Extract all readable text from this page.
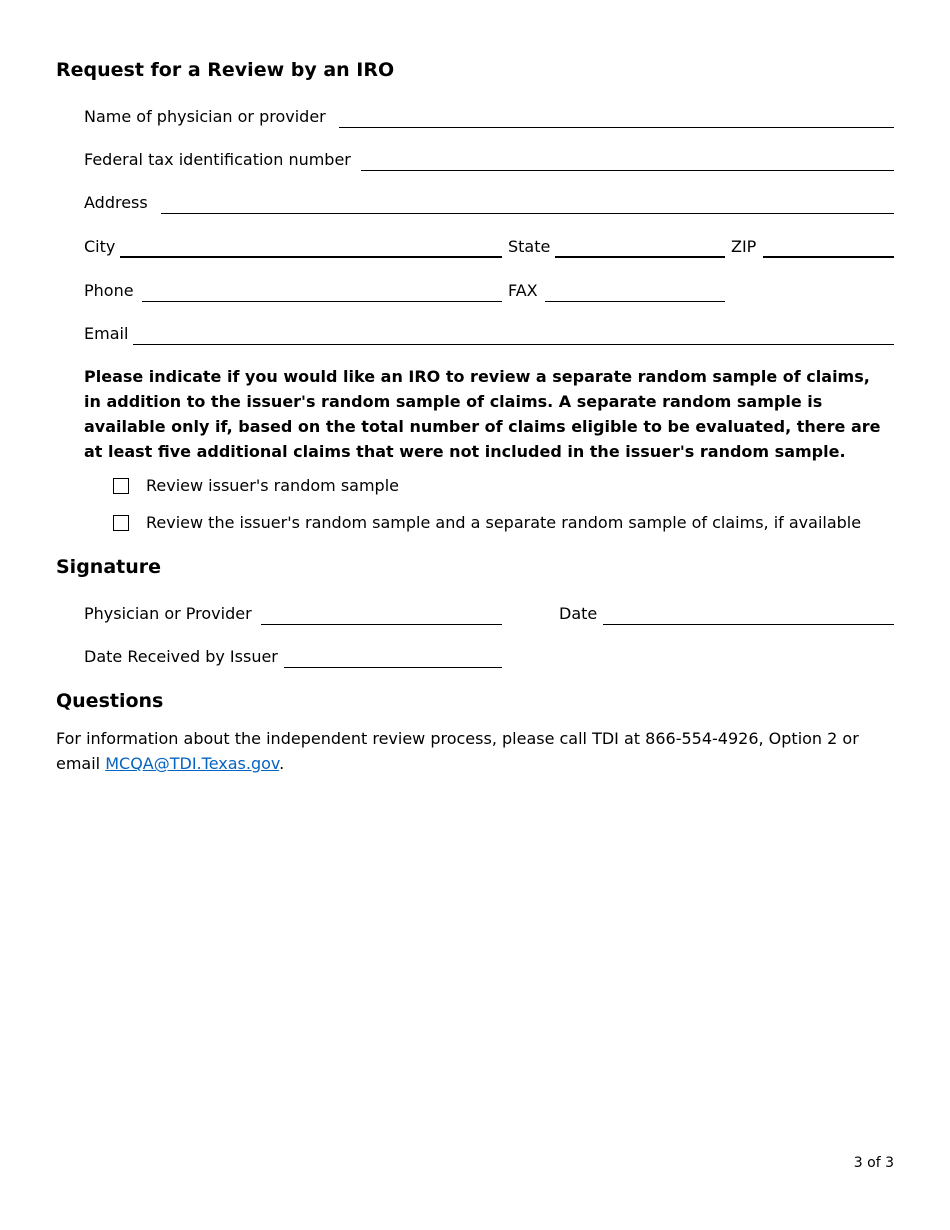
Request for a Review by an IRO
Name of physician or provider
Federal tax identification number
Address
City	State	ZIP
Phone	FAX
Email

Please indicate if you would like an IRO to review a separate random sample of claims, in addition to the issuer's random sample of claims. A separate random sample is available only if, based on the total number of claims eligible to be evaluated, there are at least five additional claims that were not included in the issuer's random sample.

Review issuer's random sample
Review the issuer's random sample and a separate random sample of claims, if available
Signature
Physician or Provider	Date
Date Received by Issuer
Questions

For information about the independent review process, please call TDI at 866-554-4926, Option 2 or email MCQA@TDI.Texas.gov.

3 of 3
